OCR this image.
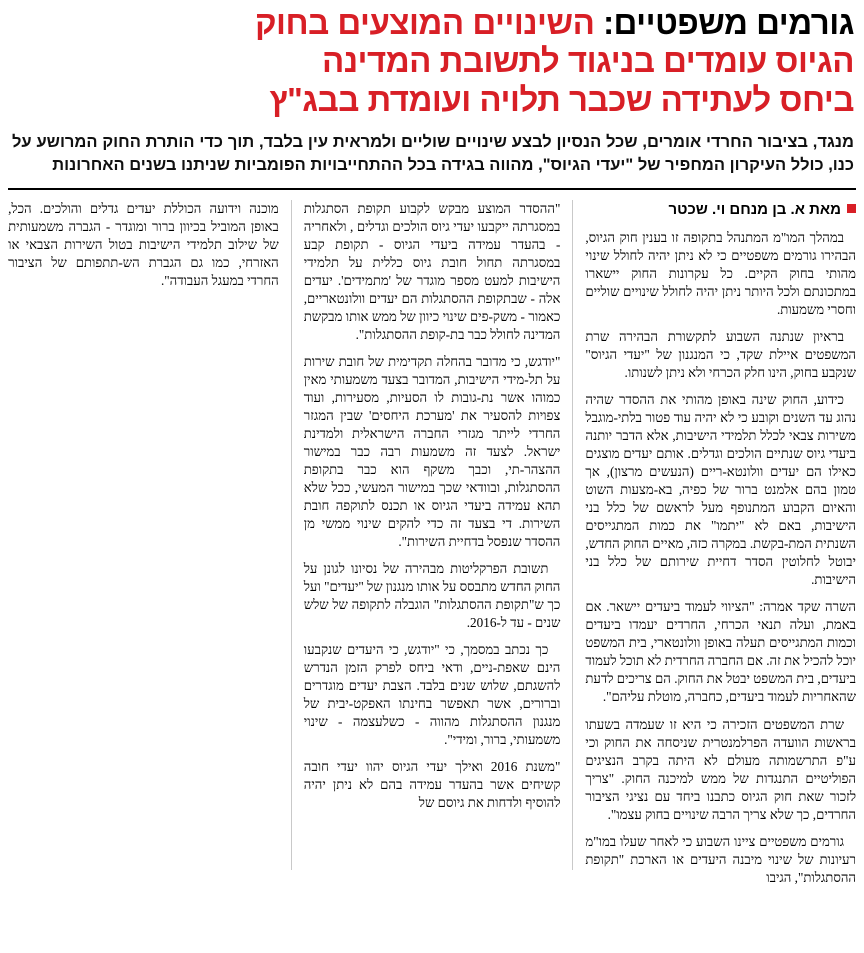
גורמים משפטיים: השינויים המוצעים בחוק
הגיוס עומדים בניגוד לתשובת המדינה
ביחס לעתידה שכבר תלויה ועומדת בבג"ץ
מנגד, בציבור החרדי אומרים, שכל הנסיון לבצע שינויים שוליים ולמראית עין בלבד, תוך כדי הותרת החוק המרושע על כנו, כולל העיקרון המחפיר של "יעדי הגיוס", מהווה בגידה בכל ההתחייבויות הפומביות שניתנו בשנים האחרונות
מאת א. בן מנחם וי. שכטר

במהלך המו"מ המתנהל בתקופה זו בענין חוק הגיוס, הבהירו גורמים משפטיים כי לא ניתן יהיה לחולל שינוי מהותי בחוק הקיים. כל עקרונות החוק יישארו במתכונתם ולכל היותר ניתן יהיה לחולל שינויים שוליים וחסרי משמעות.

בראיון שנתנה השבוע לתקשורת הבהירה שרת המשפטים איילת שקד, כי המנגנון של "יעדי הגיוס" שנקבע בחוק, הינו חלק הכרחי ולא ניתן לשנותו.

כידוע, החוק שינה באופן מהותי את ההסדר שהיה נהוג עד השנים וקובע כי לא יהיה עוד פטור בלתי-מוגבל משירות צבאי לכלל תלמידי הישיבות, אלא הדבר יותנה ביעדי גיוס שנתיים הולכים וגדלים. אותם יעדים מוצגים כאילו הם יעדים וולונטא-ריים (הנעשים מרצון), אך טמון בהם אלמנט ברור של כפיה, בא-מצעות השוט והאיום הקבוע המתנופף מעל לראשם של כלל בני הישיבות, באם לא "יתמו" את כמות המתגייסים השנתית המת-בקשת. במקרה כזה, מאיים החוק החדש, יבוטל לחלוטין הסדר דחיית שירותם של כלל בני הישיבות.

השרה שקד אמרה: "הציווי לעמוד ביעדים יישאר. אם באמת, ועלה תנאי הכרחי, החרדים יעמדו ביעדים וכמות המתגייסים תעלה באופן וולונטארי, בית המשפט יוכל להכיל את זה. אם החברה החרדית לא תוכל לעמוד ביעדים, בית המשפט יבטל את החוק. הם צריכים לדעת שהאחריות לעמוד ביעדים, כחברה, מוטלת עליהם".

שרת המשפטים הזכירה כי היא זו שעמדה בשעתו בראשות הוועדה הפרלמנטרית שניסחה את החוק וכי ע"פ התרשמותה מעולם לא היתה בקרב הנציגים הפוליטיים התנגדות של ממש למיכנה החוק. "צריך לזכור שאת חוק הגיוס כתבנו ביחד עם נציגי הציבור החרדים, כך שלא צריך הרבה שינויים בחוק עצמו".

גורמים משפטיים ציינו השבוע כי לאחר שעלו במו"מ רעיונות של שינוי מיבנה היעדים או הארכת "תקופת ההסתגלות", הגיבו

"ההסדר המוצע מבקש לקבוע תקופת הסתגלות במסגרתה ייקבעו יעדי גיוס הולכים וגדלים , ולאחריה - בהעדר עמידה ביעדי הגיוס - תקופת קבע במסגרתה תחול חובת גיוס כללית על תלמידי הישיבות למעט מספר מוגדר של 'מתמידים'. יעדים אלה - שבתקופת ההסתגלות הם יעדים וולונטאריים, כאמור - משק-פים שינוי כיוון של ממש אותו מבקשת המדינה לחולל כבר בת-קופת ההסתגלות".

"יודגש, כי מדובר בהחלה תקדימית של חובת שירות על תל-מידי הישיבות, המדובר בצעד משמעותי מאין כמוהו אשר נת-גובות לו הסעיות, מסעירות, ועוד צפויות להסעיר את 'מערכת היחסים' שבין המגזר החרדי לייתר מגזרי החברה הישראלית ולמדינת ישראל. לצעד זה משמעות רבה כבר במישור ההצהר-תי, וכבך משקף הוא כבר בתקופת ההסתגלות, ובוודאי שכך במישור המעשי, ככל שלא תהא עמידה ביעדי הגיוס או תכנס לתוקפה חובת השירות. די בצעד זה כדי להקים שינוי ממשי מן ההסדר שנפסל בדחיית השירות".

תשובת הפרקליטות מבהירה של נסיונו לגונן על החוק החדש מתבסס על אותו מנגנון של "יעדים" ועל כך ש"תקופת ההסתגלות" הוגבלה לתקופה של שלש שנים - עד ל-2016.

כך נכתב במסמך, כי "יודגש, כי היעדים שנקבעו הינם שאפת-ניים, ודאי ביחס לפרק הזמן הנדרש להשגתם, שלוש שנים בלבד. הצבת יעדים מוגדרים וברורים, אשר תאפשר בחינתו האפקט-יבית של מנגנון ההסתגלות מהווה - כשלעצמה - שינוי משמעותי, ברור, ומידי".

"משנת 2016 ואילך יעדי הגיוס יהוו יעדי חובה קשיחים אשר בהעדר עמידה בהם לא ניתן יהיה להוסיף ולדחות את גיוסם של

מוכנה וידועה הכוללת יעדים גדלים והולכים. הכל, באופן המוביל בכיוון ברור ומוגדר - הגברה משמעותית של שילוב תלמידי הישיבות בטול השירות הצבאי או האזרחי, כמו גם הגברת הש-תתפותם של הציבור החרדי במעגל העבודה".
